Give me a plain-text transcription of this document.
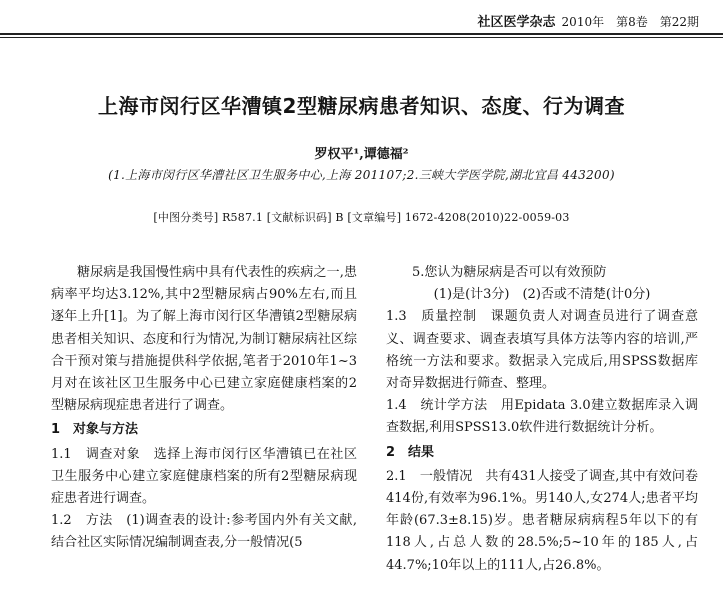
社区医学杂志 2010年　第8卷　第22期
上海市闵行区华漕镇2型糖尿病患者知识、态度、行为调查
罗权平¹,谭德福²
(1.上海市闵行区华漕社区卫生服务中心,上海 201107;2.三峡大学医学院,湖北宜昌 443200)
[中图分类号] R587.1 [文献标识码] B [文章编号] 1672-4208(2010)22-0059-03

糖尿病是我国慢性病中具有代表性的疾病之一,患病率平均达3.12%,其中2型糖尿病占90%左右,而且逐年上升[1]。为了解上海市闵行区华漕镇2型糖尿病患者相关知识、态度和行为情况,为制订糖尿病社区综合干预对策与措施提供科学依据,笔者于2010年1~3月对在该社区卫生服务中心已建立家庭健康档案的2型糖尿病现症患者进行了调查。

1　对象与方法

1.1　调查对象　选择上海市闵行区华漕镇已在社区卫生服务中心建立家庭健康档案的所有2型糖尿病现症患者进行调查。

1.2　方法　(1)调查表的设计:参考国内外有关文献,结合社区实际情况编制调查表,分一般情况(5

5.您认为糖尿病是否可以有效预防

(1)是(计3分)　(2)否或不清楚(计0分)

1.3　质量控制　课题负责人对调查员进行了调查意义、调查要求、调查表填写具体方法等内容的培训,严格统一方法和要求。数据录入完成后,用SPSS数据库对奇异数据进行筛查、整理。

1.4　统计学方法　用Epidata 3.0建立数据库录入调查数据,利用SPSS13.0软件进行数据统计分析。

2　结果

2.1　一般情况　共有431人接受了调查,其中有效问卷414份,有效率为96.1%。男140人,女274人;患者平均年龄(67.3±8.15)岁。患者糖尿病病程5年以下的有118人,占总人数的28.5%;5~10年的185人,占44.7%;10年以上的111人,占26.8%。
